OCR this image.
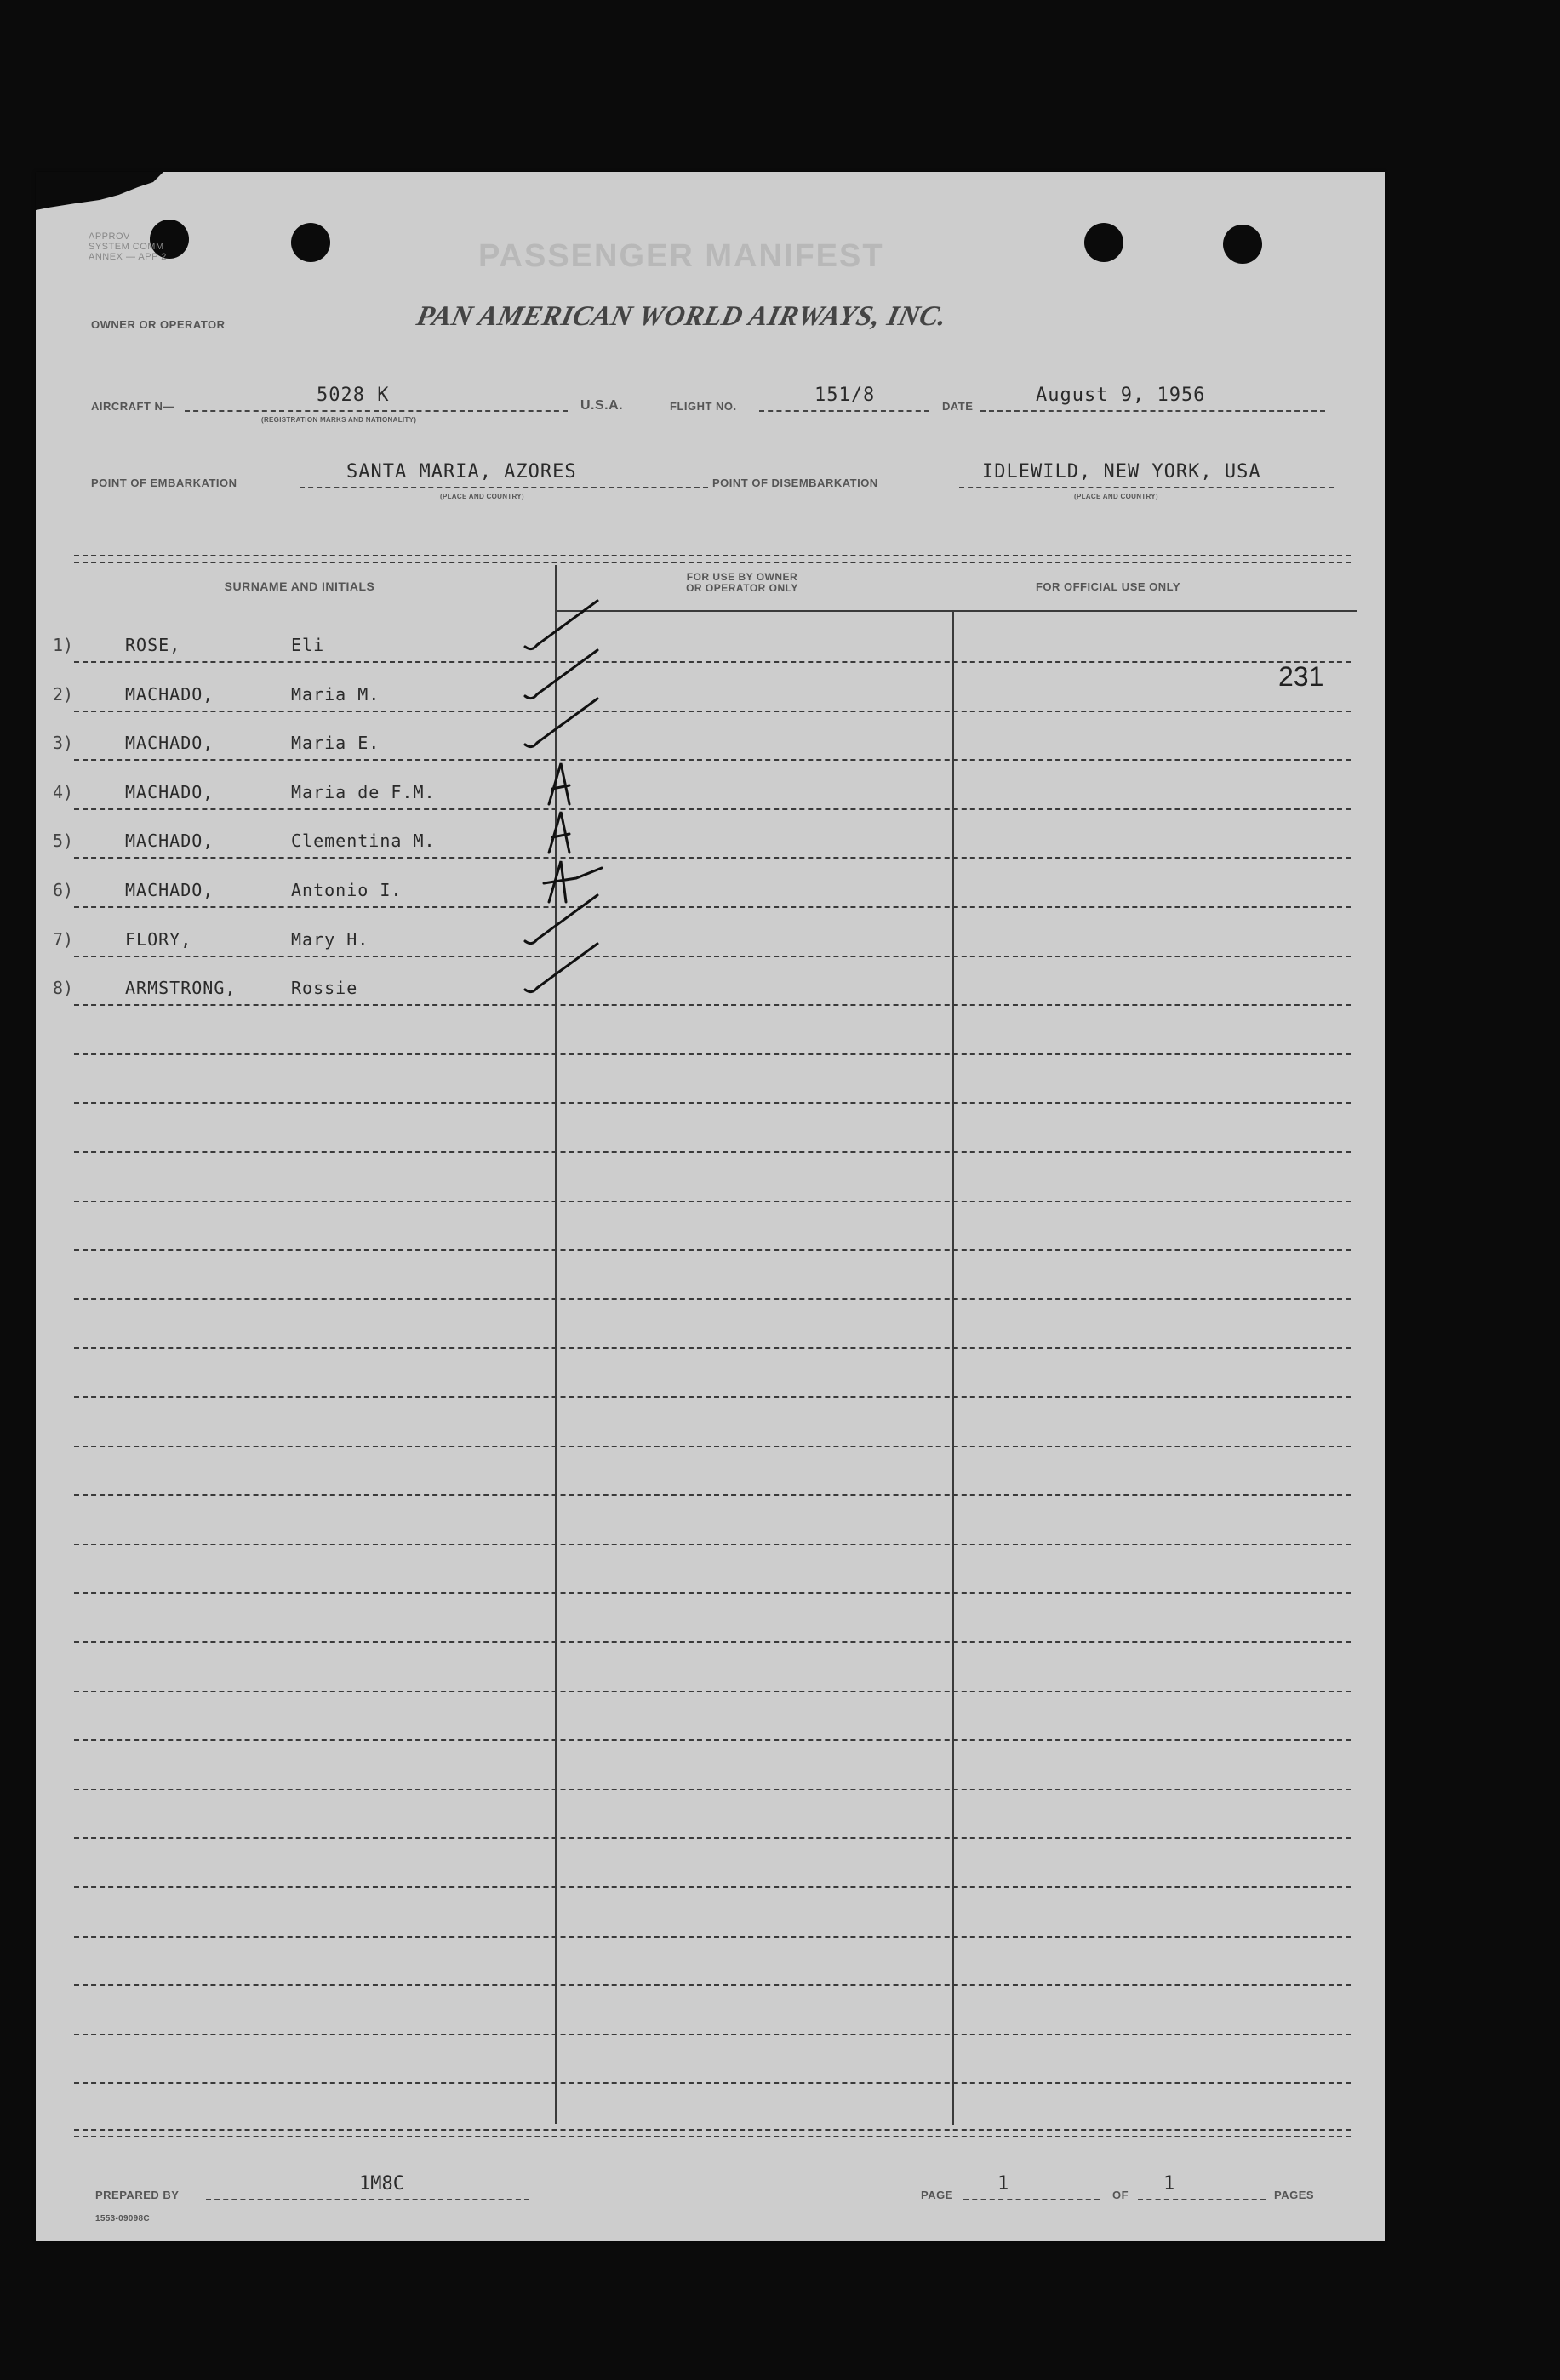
APPROV
SYSTEM COMM
ANNEX — APP 2	PASSENGER MANIFEST
OWNER OR OPERATOR	PAN AMERICAN WORLD AIRWAYS, INC.
AIRCRAFT N—
5028 K
(REGISTRATION MARKS AND NATIONALITY)
U.S.A.	FLIGHT NO.
151/8
DATE
August 9, 1956
POINT OF EMBARKATION
SANTA MARIA, AZORES
(PLACE AND COUNTRY)
POINT OF DISEMBARKATION
IDLEWILD, NEW YORK, USA
(PLACE AND COUNTRY)
SURNAME AND INITIALS
FOR USE BY OWNER
OR OPERATOR ONLY	FOR OFFICIAL USE ONLY
1)	ROSE,	Eli
2)	MACHADO,	Maria M.
3)	MACHADO,	Maria E.
4)	MACHADO,	Maria de F.M.
5)	MACHADO,	Clementina M.
6)	MACHADO,	Antonio I.
7)	FLORY,	Mary H.
8)	ARMSTRONG,	Rossie
231
PREPARED BY
1M8C
1553-09098C
PAGE
1
OF
1
PAGES
